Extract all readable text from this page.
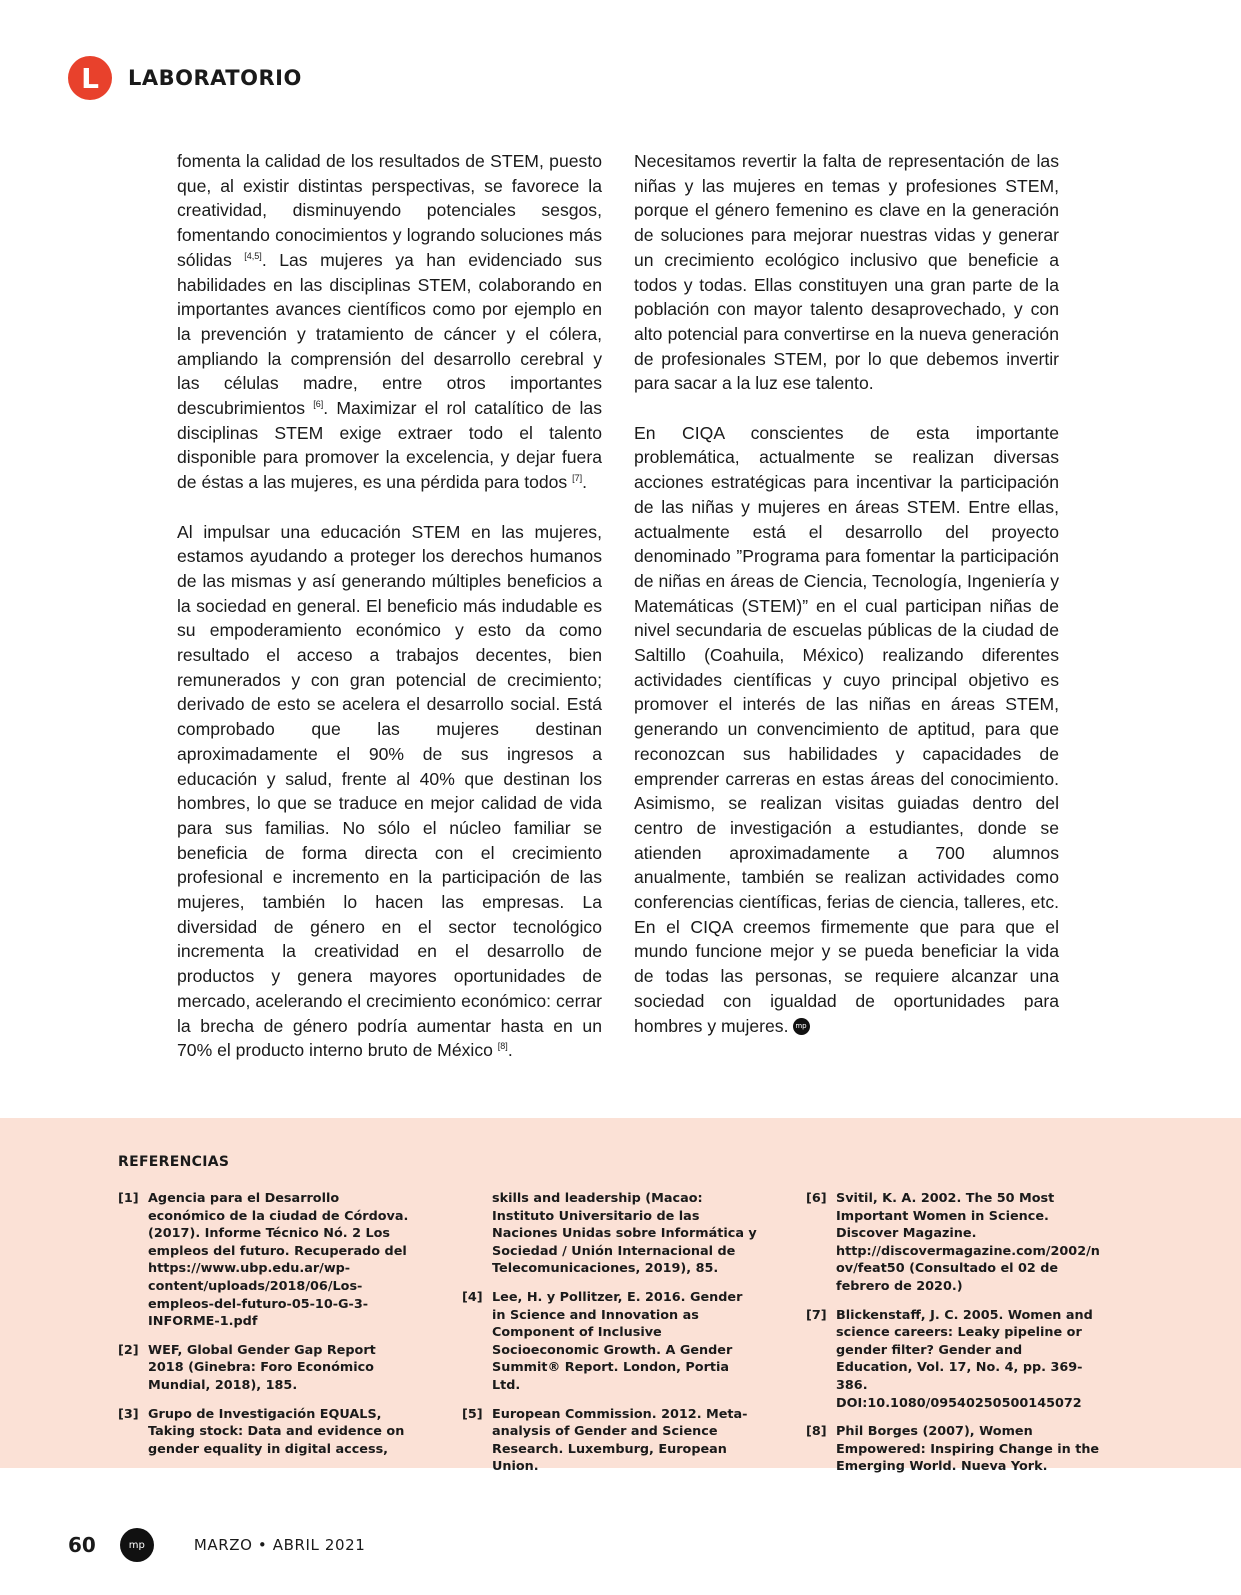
L	LABORATORIO

fomenta la calidad de los resultados de STEM, puesto que, al existir distintas perspectivas, se favorece la creatividad, disminuyendo potenciales sesgos, fomentando conocimientos y logrando soluciones más sólidas [4,5]. Las mujeres ya han evidenciado sus habilidades en las disciplinas STEM, colaborando en importantes avances científicos como por ejemplo en la prevención y tratamiento de cáncer y el cólera, ampliando la comprensión del desarrollo cerebral y las células madre, entre otros importantes descubrimientos [6]. Maximizar el rol catalítico de las disciplinas STEM exige extraer todo el talento disponible para promover la excelencia, y dejar fuera de éstas a las mujeres, es una pérdida para todos [7].

Al impulsar una educación STEM en las mujeres, estamos ayudando a proteger los derechos humanos de las mismas y así generando múltiples beneficios a la sociedad en general. El beneficio más indudable es su empoderamiento económico y esto da como resultado el acceso a trabajos decentes, bien remunerados y con gran potencial de crecimiento; derivado de esto se acelera el desarrollo social. Está comprobado que las mujeres destinan aproximadamente el 90% de sus ingresos a educación y salud, frente al 40% que destinan los hombres, lo que se traduce en mejor calidad de vida para sus familias. No sólo el núcleo familiar se beneficia de forma directa con el crecimiento profesional e incremento en la participación de las mujeres, también lo hacen las empresas. La diversidad de género en el sector tecnológico incrementa la creatividad en el desarrollo de productos y genera mayores oportunidades de mercado, acelerando el crecimiento económico: cerrar la brecha de género podría aumentar hasta en un 70% el producto interno bruto de México [8].

Necesitamos revertir la falta de representación de las niñas y las mujeres en temas y profesiones STEM, porque el género femenino es clave en la generación de soluciones para mejorar nuestras vidas y generar un crecimiento ecológico inclusivo que beneficie a todos y todas. Ellas constituyen una gran parte de la población con mayor talento desaprovechado, y con alto potencial para convertirse en la nueva generación de profesionales STEM, por lo que debemos invertir para sacar a la luz ese talento.

En CIQA conscientes de esta importante problemática, actualmente se realizan diversas acciones estratégicas para incentivar la participación de las niñas y mujeres en áreas STEM. Entre ellas, actualmente está el desarrollo del proyecto denominado ”Programa para fomentar la participación de niñas en áreas de Ciencia, Tecnología, Ingeniería y Matemáticas (STEM)” en el cual participan niñas de nivel secundaria de escuelas públicas de la ciudad de Saltillo (Coahuila, México) realizando diferentes actividades científicas y cuyo principal objetivo es promover el interés de las niñas en áreas STEM, generando un convencimiento de aptitud, para que reconozcan sus habilidades y capacidades de emprender carreras en estas áreas del conocimiento. Asimismo, se realizan visitas guiadas dentro del centro de investigación a estudiantes, donde se atienden aproximadamente a 700 alumnos anualmente, también se realizan actividades como conferencias científicas, ferias de ciencia, talleres, etc. En el CIQA creemos firmemente que para que el mundo funcione mejor y se pueda beneficiar la vida de todas las personas, se requiere alcanzar una sociedad con igualdad de oportunidades para hombres y mujeres. mp

REFERENCIAS
[1] Agencia para el Desarrollo económico de la ciudad de Córdova. (2017). Informe Técnico Nó. 2 Los empleos del futuro. Recuperado del https://www.ubp.edu.ar/wp-content/uploads/2018/06/Los-empleos-del-futuro-05-10-G-3-INFORME-1.pdf
[2] WEF, Global Gender Gap Report 2018 (Ginebra: Foro Económico Mundial, 2018), 185.
[3] Grupo de Investigación EQUALS, Taking stock: Data and evidence on gender equality in digital access,
skills and leadership (Macao: Instituto Universitario de las Naciones Unidas sobre Informática y Sociedad / Unión Internacional de Telecomunicaciones, 2019), 85.
[4] Lee, H. y Pollitzer, E. 2016. Gender in Science and Innovation as Component of Inclusive Socioeconomic Growth. A Gender Summit® Report. London, Portia Ltd.
[5] European Commission. 2012. Meta-analysis of Gender and Science Research. Luxemburg, European Union.
[6] Svitil, K. A. 2002. The 50 Most Important Women in Science. Discover Magazine. http://discovermagazine.com/2002/nov/feat50 (Consultado el 02 de febrero de 2020.)
[7] Blickenstaff, J. C. 2005. Women and science careers: Leaky pipeline or gender filter? Gender and Education, Vol. 17, No. 4, pp. 369-386. DOI:10.1080/09540250500145072
[8] Phil Borges (2007), Women Empowered: Inspiring Change in the Emerging World. Nueva York.
60	mp	MARZO • ABRIL 2021
